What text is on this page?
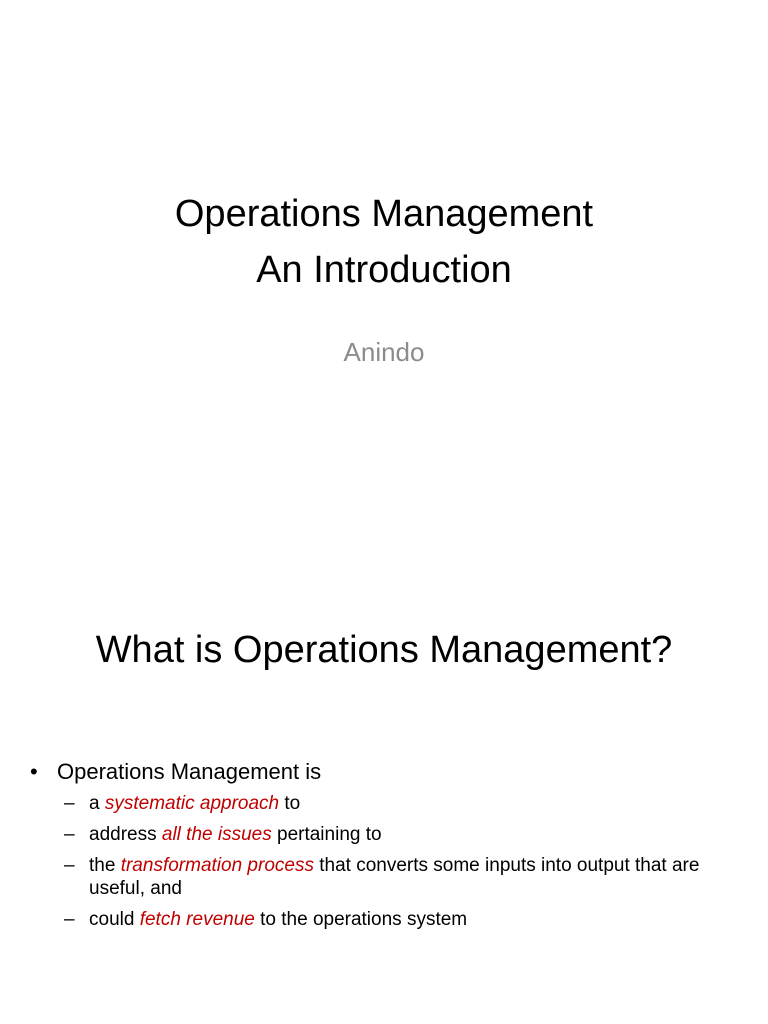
Operations Management
An Introduction
Anindo
What is Operations Management?
• Operations Management is
– a systematic approach to
– address all the issues pertaining to
– the transformation process that converts some inputs into output that are useful, and
– could fetch revenue to the operations system
